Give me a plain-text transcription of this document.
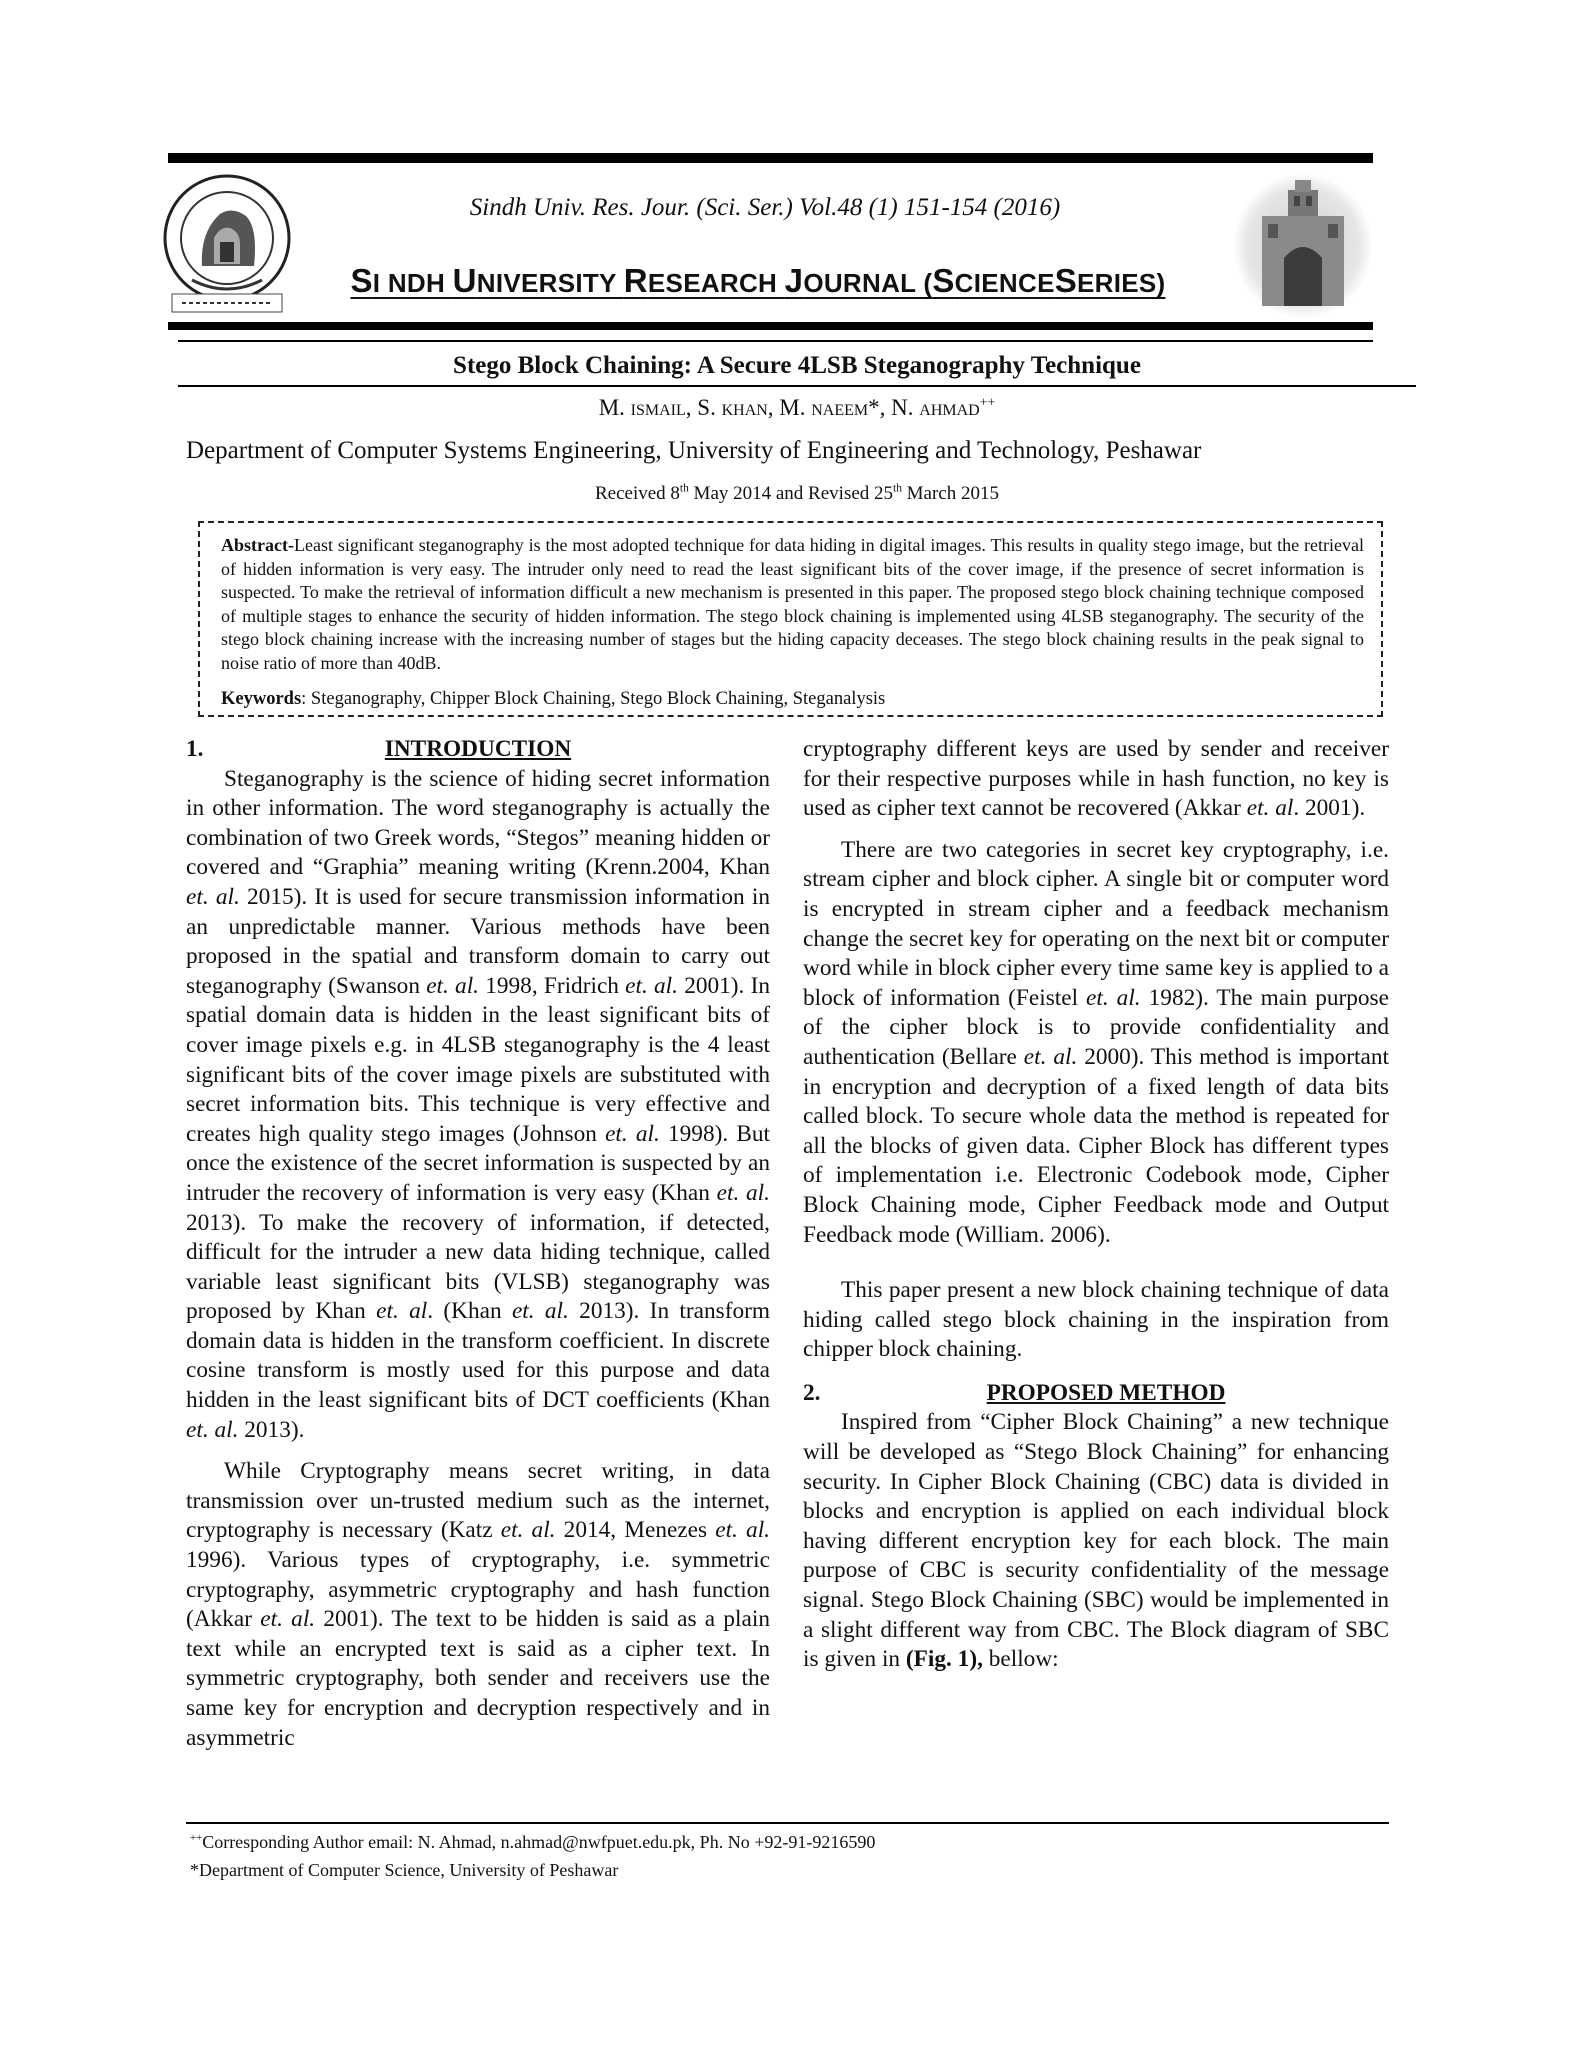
Sindh Univ. Res. Jour. (Sci. Ser.) Vol.48 (1) 151-154 (2016)
SI NDH UNIVERSITY RESEARCH JOURNAL (SCIENCESERIES)
Stego Block Chaining: A Secure 4LSB Steganography Technique
M. ismail, S. khan, M. naeem*, N. ahmad++
Department of Computer Systems Engineering, University of Engineering and Technology, Peshawar
Received 8th May 2014 and Revised 25th March 2015
Abstract-Least significant steganography is the most adopted technique for data hiding in digital images. This results in quality stego image, but the retrieval of hidden information is very easy. The intruder only need to read the least significant bits of the cover image, if the presence of secret information is suspected. To make the retrieval of information difficult a new mechanism is presented in this paper. The proposed stego block chaining technique composed of multiple stages to enhance the security of hidden information. The stego block chaining is implemented using 4LSB steganography. The security of the stego block chaining increase with the increasing number of stages but the hiding capacity deceases. The stego block chaining results in the peak signal to noise ratio of more than 40dB.
Keywords: Steganography, Chipper Block Chaining, Stego Block Chaining, Steganalysis
1.	INTRODUCTION

Steganography is the science of hiding secret information in other information. The word steganography is actually the combination of two Greek words, “Stegos” meaning hidden or covered and “Graphia” meaning writing (Krenn.2004, Khan et. al. 2015). It is used for secure transmission information in an unpredictable manner. Various methods have been proposed in the spatial and transform domain to carry out steganography (Swanson et. al. 1998, Fridrich et. al. 2001). In spatial domain data is hidden in the least significant bits of cover image pixels e.g. in 4LSB steganography is the 4 least significant bits of the cover image pixels are substituted with secret information bits. This technique is very effective and creates high quality stego images (Johnson et. al. 1998). But once the existence of the secret information is suspected by an intruder the recovery of information is very easy (Khan et. al. 2013). To make the recovery of information, if detected, difficult for the intruder a new data hiding technique, called variable least significant bits (VLSB) steganography was proposed by Khan et. al. (Khan et. al. 2013). In transform domain data is hidden in the transform coefficient. In discrete cosine transform is mostly used for this purpose and data hidden in the least significant bits of DCT coefficients (Khan et. al. 2013).

While Cryptography means secret writing, in data transmission over un-trusted medium such as the internet, cryptography is necessary (Katz et. al. 2014, Menezes et. al. 1996). Various types of cryptography, i.e. symmetric cryptography, asymmetric cryptography and hash function (Akkar et. al. 2001). The text to be hidden is said as a plain text while an encrypted text is said as a cipher text. In symmetric cryptography, both sender and receivers use the same key for encryption and decryption respectively and in asymmetric

cryptography different keys are used by sender and receiver for their respective purposes while in hash function, no key is used as cipher text cannot be recovered (Akkar et. al. 2001).

There are two categories in secret key cryptography, i.e. stream cipher and block cipher. A single bit or computer word is encrypted in stream cipher and a feedback mechanism change the secret key for operating on the next bit or computer word while in block cipher every time same key is applied to a block of information (Feistel et. al. 1982). The main purpose of the cipher block is to provide confidentiality and authentication (Bellare et. al. 2000). This method is important in encryption and decryption of a fixed length of data bits called block. To secure whole data the method is repeated for all the blocks of given data. Cipher Block has different types of implementation i.e. Electronic Codebook mode, Cipher Block Chaining mode, Cipher Feedback mode and Output Feedback mode (William. 2006).

This paper present a new block chaining technique of data hiding called stego block chaining in the inspiration from chipper block chaining.

2.	PROPOSED METHOD

Inspired from “Cipher Block Chaining” a new technique will be developed as “Stego Block Chaining” for enhancing security. In Cipher Block Chaining (CBC) data is divided in blocks and encryption is applied on each individual block having different encryption key for each block. The main purpose of CBC is security confidentiality of the message signal. Stego Block Chaining (SBC) would be implemented in a slight different way from CBC. The Block diagram of SBC is given in (Fig. 1), bellow:

++Corresponding Author email: N. Ahmad, n.ahmad@nwfpuet.edu.pk, Ph. No +92-91-9216590
*Department of Computer Science, University of Peshawar
